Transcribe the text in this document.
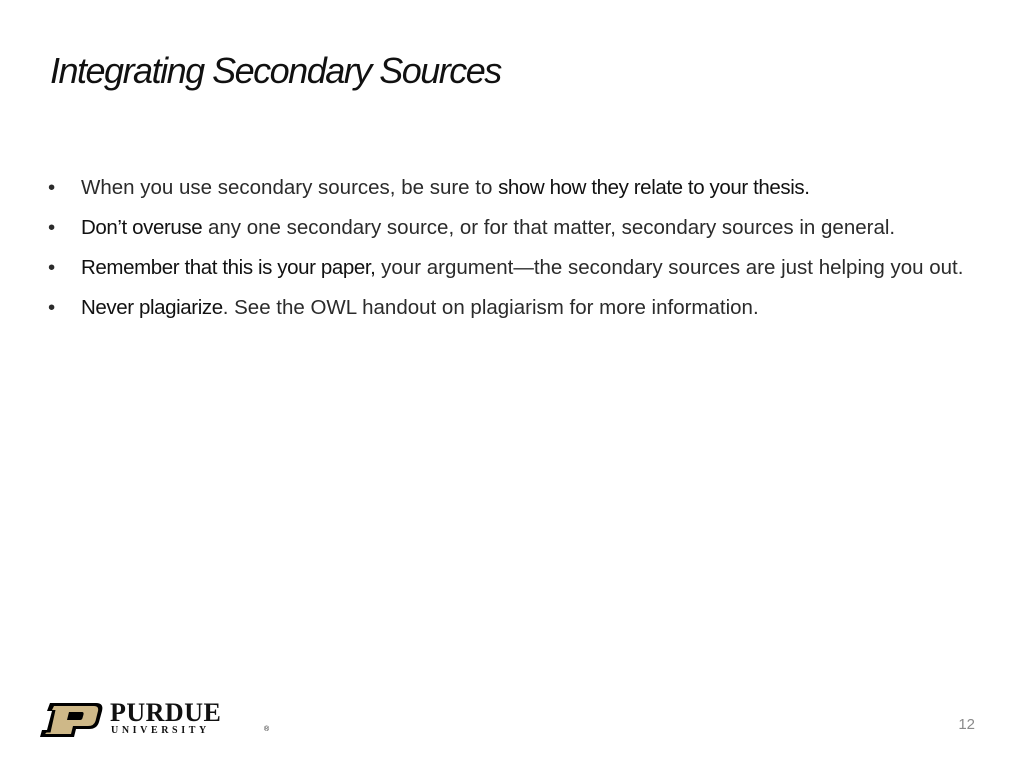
Integrating Secondary Sources
• When you use secondary sources, be sure to show how they relate to your thesis.
• Don’t overuse any one secondary source, or for that matter, secondary sources in general.
• Remember that this is your paper, your argument—the secondary sources are just helping you out.
• Never plagiarize. See the OWL handout on plagiarism for more information.
PURDUE
UNIVERSITY	®	12
